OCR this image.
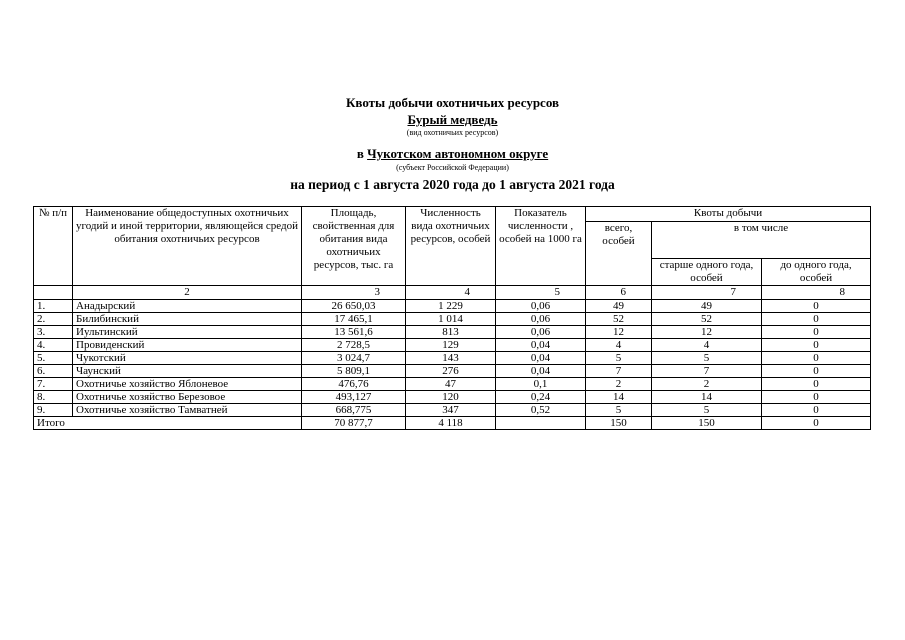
Квоты добычи охотничьих ресурсов
Бурый медведь
(вид охотничьих ресурсов)
в Чукотском автономном округе
(субъект Российской Федерации)
на период с 1 августа 2020 года до 1 августа 2021 года
№ п/п	Наименование общедоступных охотничьих угодий и иной территории, являющейся средой обитания охотничьих ресурсов	Площадь, свойственная для обитания вида охотничьих ресурсов, тыс. га	Численность вида охотничьих ресурсов, особей	Показатель численности , особей на 1000 га	Квоты добычи		
					всего, особей	в том числе	
						старше одного года, особей	до одного года, особей
	2	3	4	5	6	7	8
1.	Анадырский	26 650,03	1 229	0,06	49	49	0
2.	Билибинский	17 465,1	1 014	0,06	52	52	0
3.	Иультинский	13 561,6	813	0,06	12	12	0
4.	Провиденский	2 728,5	129	0,04	4	4	0
5.	Чукотский	3 024,7	143	0,04	5	5	0
6.	Чаунский	5 809,1	276	0,04	7	7	0
7.	Охотничье хозяйство Яблоневое	476,76	47	0,1	2	2	0
8.	Охотничье хозяйство Березовое	493,127	120	0,24	14	14	0
9.	Охотничье хозяйство Тамватней	668,775	347	0,52	5	5	0
Итого		70 877,7	4 118		150	150	0
